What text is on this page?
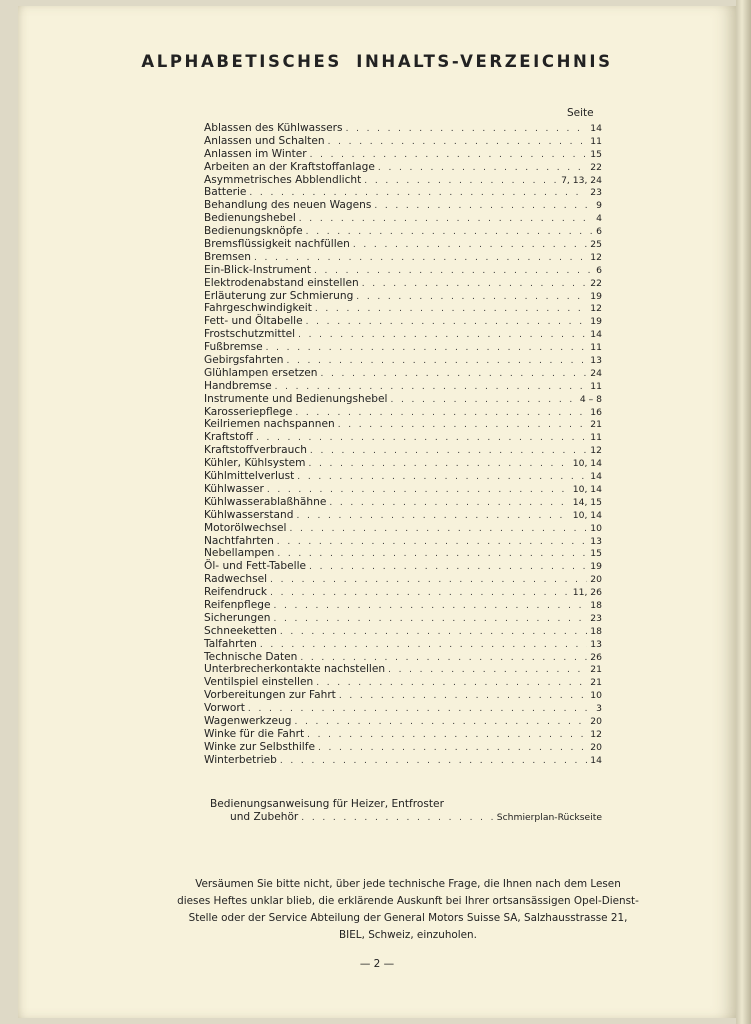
ALPHABETISCHES INHALTS-VERZEICHNIS
Seite
Ablassen des Kühlwassers . . .	14
Anlassen und Schalten . . .	11
Anlassen im Winter . . .	15
Arbeiten an der Kraftstoffanlage . . .	22
Asymmetrisches Abblendlicht . . .	7, 13, 24
Batterie . . .	23
Behandlung des neuen Wagens . . .	9
Bedienungshebel . . .	4
Bedienungsknöpfe . . .	6
Bremsflüssigkeit nachfüllen . . .	25
Bremsen . . .	12
Ein-Blick-Instrument . . .	6
Elektrodenabstand einstellen . . .	22
Erläuterung zur Schmierung . . .	19
Fahrgeschwindigkeit . . .	12
Fett- und Öltabelle . . .	19
Frostschutzmittel . . .	14
Fußbremse . . .	11
Gebirgsfahrten . . .	13
Glühlampen ersetzen . . .	24
Handbremse . . .	11
Instrumente und Bedienungshebel . . .	4 – 8
Karosseriepflege . . .	16
Keilriemen nachspannen . . .	21
Kraftstoff . . .	11
Kraftstoffverbrauch . . .	12
Kühler, Kühlsystem . . .	10, 14
Kühlmittelverlust . . .	14
Kühlwasser . . .	10, 14
Kühlwasserablaßhähne . . .	14, 15
Kühlwasserstand . . .	10, 14
Motorölwechsel . . .	10
Nachtfahrten . . .	13
Nebellampen . . .	15
Öl- und Fett-Tabelle . . .	19
Radwechsel . . .	20
Reifendruck . . .	11, 26
Reifenpflege . . .	18
Sicherungen . . .	23
Schneeketten . . .	18
Talfahrten . . .	13
Technische Daten . . .	26
Unterbrecherkontakte nachstellen . . .	21
Ventilspiel einstellen . . .	21
Vorbereitungen zur Fahrt . . .	10
Vorwort . . .	3
Wagenwerkzeug . . .	20
Winke für die Fahrt . . .	12
Winke zur Selbsthilfe . . .	20
Winterbetrieb . . .	14
Bedienungsanweisung für Heizer, Entfroster
und Zubehör . . .	Schmierplan-Rückseite
Versäumen Sie bitte nicht, über jede technische Frage, die Ihnen nach dem Lesen
dieses Heftes unklar blieb, die erklärende Auskunft bei Ihrer ortsansässigen Opel-Dienst-
Stelle oder der Service Abteilung der General Motors Suisse SA, Salzhausstrasse 21,
BIEL, Schweiz, einzuholen.
— 2 —
